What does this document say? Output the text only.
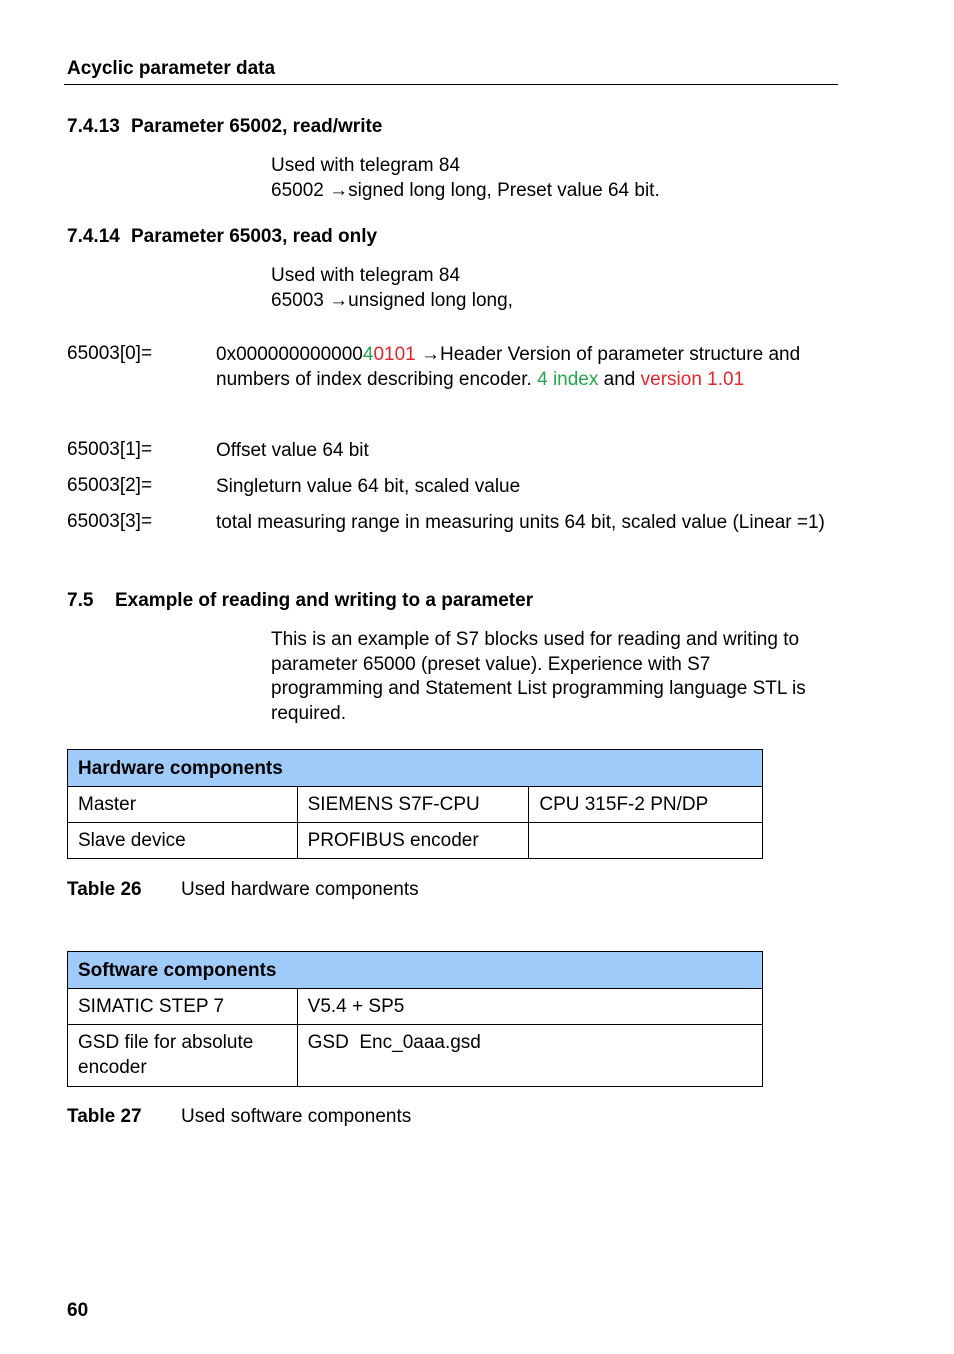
Acyclic parameter data
7.4.13 Parameter 65002, read/write
Used with telegram 84
65002 →signed long long, Preset value 64 bit.
7.4.14 Parameter 65003, read only
Used with telegram 84
65003 →unsigned long long,
65003[0]=	0x00000000000040101 →Header Version of parameter structure and
numbers of index describing encoder. 4 index and version 1.01
65003[1]=	Offset value 64 bit
65003[2]=	Singleturn value 64 bit, scaled value
65003[3]=	total measuring range in measuring units 64 bit, scaled value (Linear =1)
7.5 Example of reading and writing to a parameter
This is an example of S7 blocks used for reading and writing to
parameter 65000 (preset value). Experience with S7
programming and Statement List programming language STL is
required.
Hardware components		
Master	SIEMENS S7F-CPU	CPU 315F-2 PN/DP
Slave device	PROFIBUS encoder	
Table 26 Used hardware components
Software components	
SIMATIC STEP 7	V5.4 + SP5
GSD file for absolute encoder	GSD  Enc_0aaa.gsd
Table 27 Used software components
60
